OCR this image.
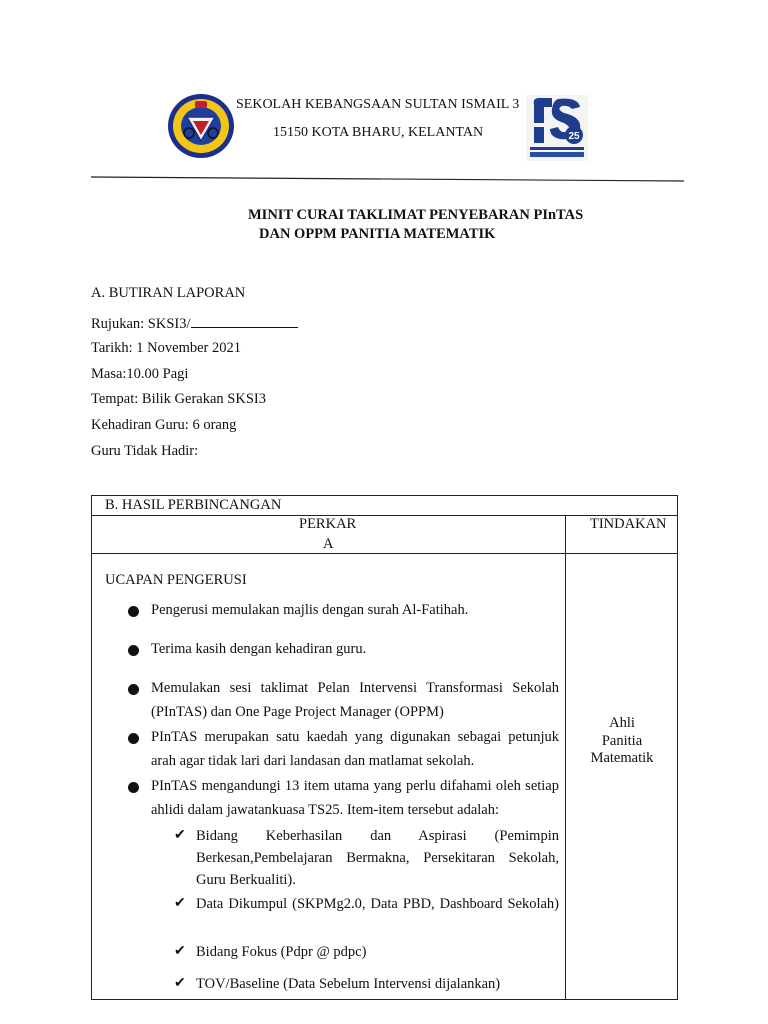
SEKOLAH KEBANGSAAN SULTAN ISMAIL 3
15150 KOTA BHARU, KELANTAN	25
MINIT CURAI TAKLIMAT PENYEBARAN PInTAS
DAN OPPM PANITIA MATEMATIK
A. BUTIRAN LAPORAN
Rujukan: SKSI3/
Tarikh: 1 November 2021
Masa:10.00 Pagi
Tempat: Bilik Gerakan SKSI3
Kehadiran Guru: 6 orang
Guru Tidak Hadir:
B. HASIL PERBINCANGAN
PERKAR
A
TINDAKAN
UCAPAN PENGERUSI
Pengerusi memulakan majlis dengan surah Al-Fatihah.
Terima kasih dengan kehadiran guru.
Memulakan sesi taklimat Pelan Intervensi Transformasi Sekolah (PInTAS) dan One Page Project Manager (OPPM)
PInTAS merupakan satu kaedah yang digunakan sebagai petunjuk arah agar tidak lari dari landasan dan matlamat sekolah.
PInTAS mengandungi 13 item utama yang perlu difahami oleh setiap ahlidi dalam jawatankuasa TS25. Item-item tersebut adalah:
✔ Bidang Keberhasilan dan Aspirasi (Pemimpin Berkesan,Pembelajaran Bermakna, Persekitaran Sekolah, Guru Berkualiti).
✔ Data Dikumpul (SKPMg2.0, Data PBD, Dashboard Sekolah)
✔ Bidang Fokus (Pdpr @ pdpc)
✔ TOV/Baseline (Data Sebelum Intervensi dijalankan)
Ahli
Panitia
Matematik
